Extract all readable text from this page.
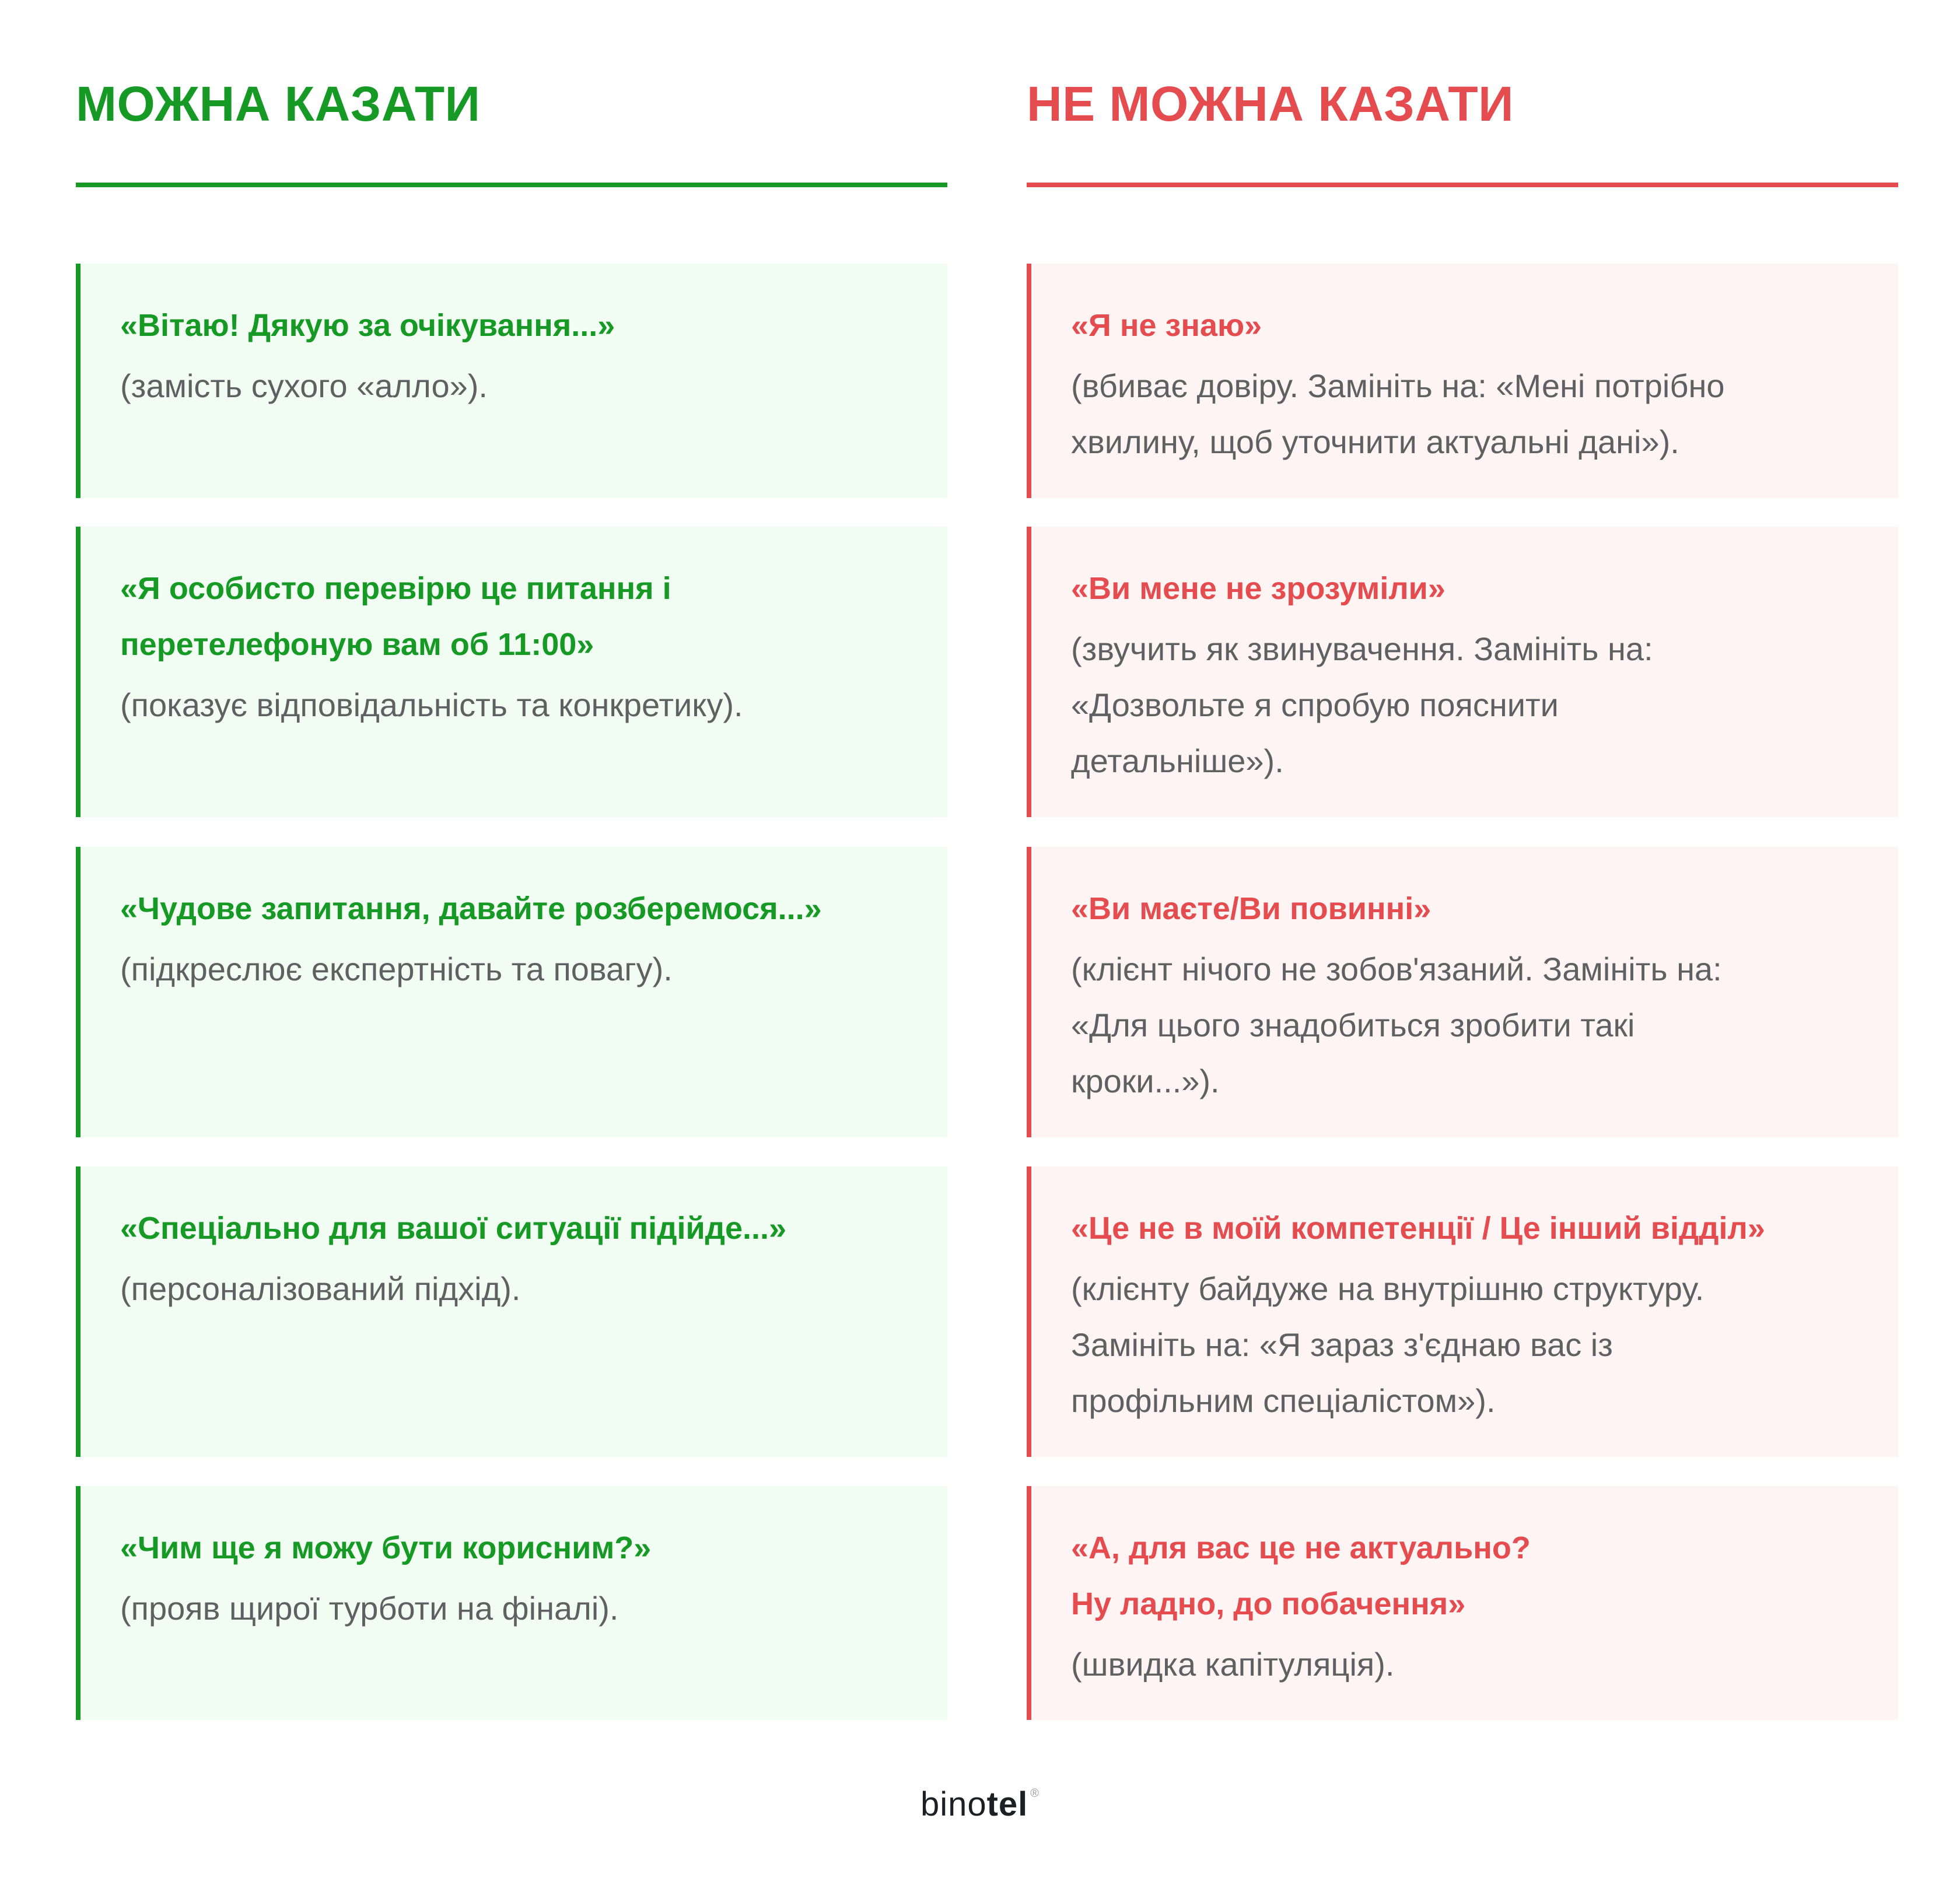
МОЖНА КАЗАТИ
«Вітаю! Дякую за очікування...»
(замість сухого «алло»).
«Я особисто перевірю це питання і
перетелефоную вам об 11:00»
(показує відповідальність та конкретику).
«Чудове запитання, давайте розберемося...»
(підкреслює експертність та повагу).
«Спеціально для вашої ситуації підійде...»
(персоналізований підхід).
«Чим ще я можу бути корисним?»
(прояв щирої турботи на фіналі).
НЕ МОЖНА КАЗАТИ
«Я не знаю»
(вбиває довіру. Замініть на: «Мені потрібно
хвилину, щоб уточнити актуальні дані»).
«Ви мене не зрозуміли»
(звучить як звинувачення. Замініть на:
«Дозвольте я спробую пояснити
детальніше»).
«Ви маєте/Ви повинні»
(клієнт нічого не зобов'язаний. Замініть на:
«Для цього знадобиться зробити такі
кроки...»).
«Це не в моїй компетенції / Це інший відділ»
(клієнту байдуже на внутрішню структуру.
Замініть на: «Я зараз з'єднаю вас із
профільним спеціалістом»).
«А, для вас це не актуально?
Ну ладно, до побачення»
(швидка капітуляція).
binotel ®
